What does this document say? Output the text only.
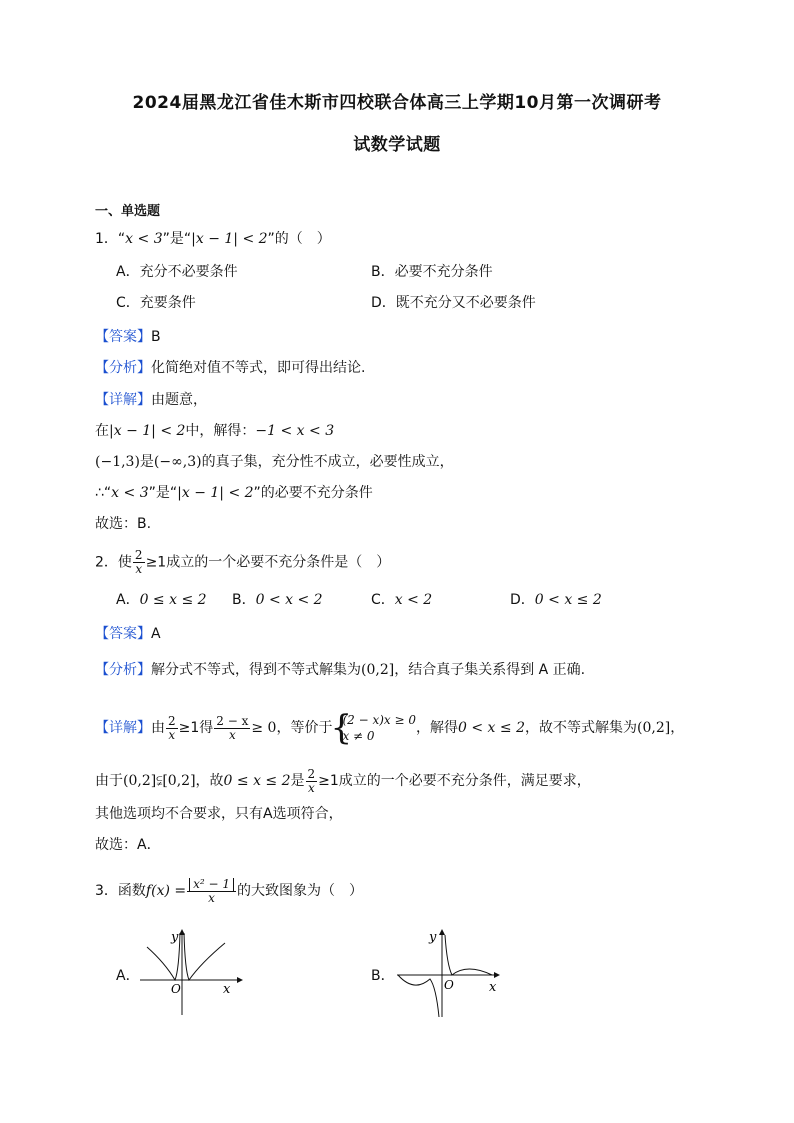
2024届黑龙江省佳木斯市四校联合体高三上学期10月第一次调研考
试数学试题
一、单选题
1．“x < 3”是“|x − 1| < 2”的（　）
A．充分不必要条件	B．必要不充分条件
C．充要条件	D．既不充分又不必要条件
【答案】B
【分析】化简绝对值不等式，即可得出结论.
【详解】由题意，
在|x − 1| < 2中，解得：−1 < x < 3
(−1,3)是(−∞,3)的真子集，充分性不成立，必要性成立，
∴“x < 3”是“|x − 1| < 2”的必要不充分条件
故选：B.
2．使 $\frac{2}{x} \ge 1$成立的一个必要不充分条件是（　）
A．0 ≤ x ≤ 2 B．0 < x < 2	C．x < 2	D．0 < x ≤ 2
【答案】A
【分析】解分式不等式，得到不等式解集为(0,2]，结合真子集关系得到 A 正确.
【详解】由 $\frac{2}{x} \ge 1$得 $\frac{2 - x}{x} \ge 0$，等价于
{ (2 − x)x ≥ 0
x ≠ 0	，解得0 < x ≤ 2，故不等式解集为(0,2]，
由于(0,2]⫋[0,2]，故0 ≤ x ≤ 2是 $\frac{2}{x} \ge 1$成立的一个必要不充分条件，满足要求，
其他选项均不合要求，只有A选项符合，
故选：A．
3．函数$f(x) = \frac{\text{x² − 1}}{x}$ 的大致图象为（　）
A．
y
O	x
B．
y
O	x
